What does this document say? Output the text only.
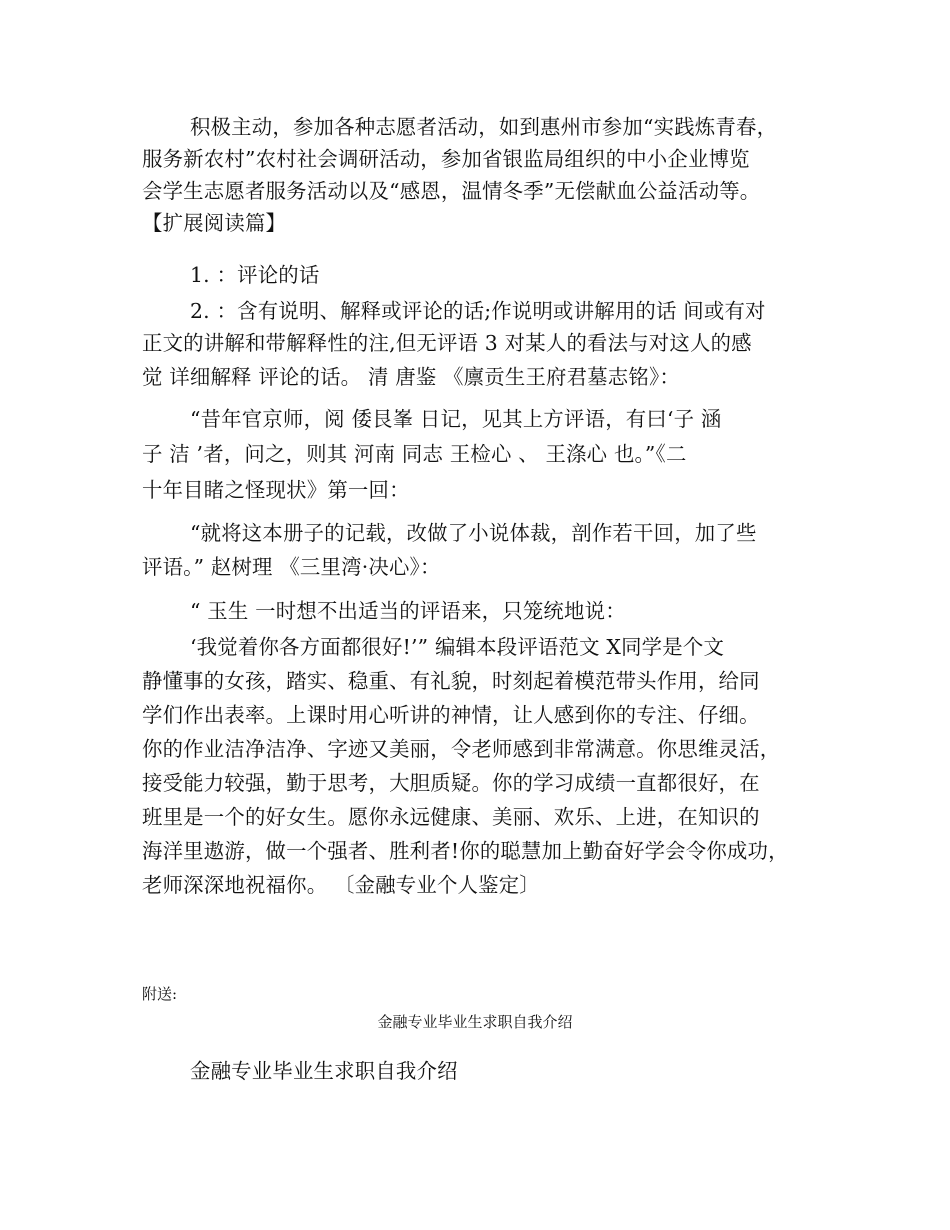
积极主动，参加各种志愿者活动，如到惠州市参加“实践炼青春，
服务新农村”农村社会调研活动，参加省银监局组织的中小企业博览
会学生志愿者服务活动以及“感恩，温情冬季”无偿献血公益活动等。
【扩展阅读篇】
1. ：评论的话
2. ：含有说明、解释或评论的话;作说明或讲解用的话 间或有对
正文的讲解和带解释性的注,但无评语 3 对某人的看法与对这人的感
觉 详细解释 评论的话。 清 唐鉴 《廪贡生王府君墓志铭》：
“昔年官京师，阅 倭艮峯 日记，见其上方评语，有曰‘子 涵
子 洁 ’者，问之，则其 河南 同志 王检心 、 王涤心 也。”《二
十年目睹之怪现状》第一回：
“就将这本册子的记载，改做了小说体裁，剖作若干回，加了些
评语。” 赵树理 《三里湾·决心》：
“ 玉生 一时想不出适当的评语来，只笼统地说：
‘我觉着你各方面都很好!’” 编辑本段评语范文 X同学是个文
静懂事的女孩，踏实、稳重、有礼貌，时刻起着模范带头作用，给同
学们作出表率。上课时用心听讲的神情，让人感到你的专注、仔细。
你的作业洁净洁净、字迹又美丽，令老师感到非常满意。你思维灵活，
接受能力较强，勤于思考，大胆质疑。你的学习成绩一直都很好，在
班里是一个的好女生。愿你永远健康、美丽、欢乐、上进，在知识的
海洋里遨游，做一个强者、胜利者!你的聪慧加上勤奋好学会令你成功，
老师深深地祝福你。 〔金融专业个人鉴定〕
附送:
金融专业毕业生求职自我介绍
金融专业毕业生求职自我介绍
